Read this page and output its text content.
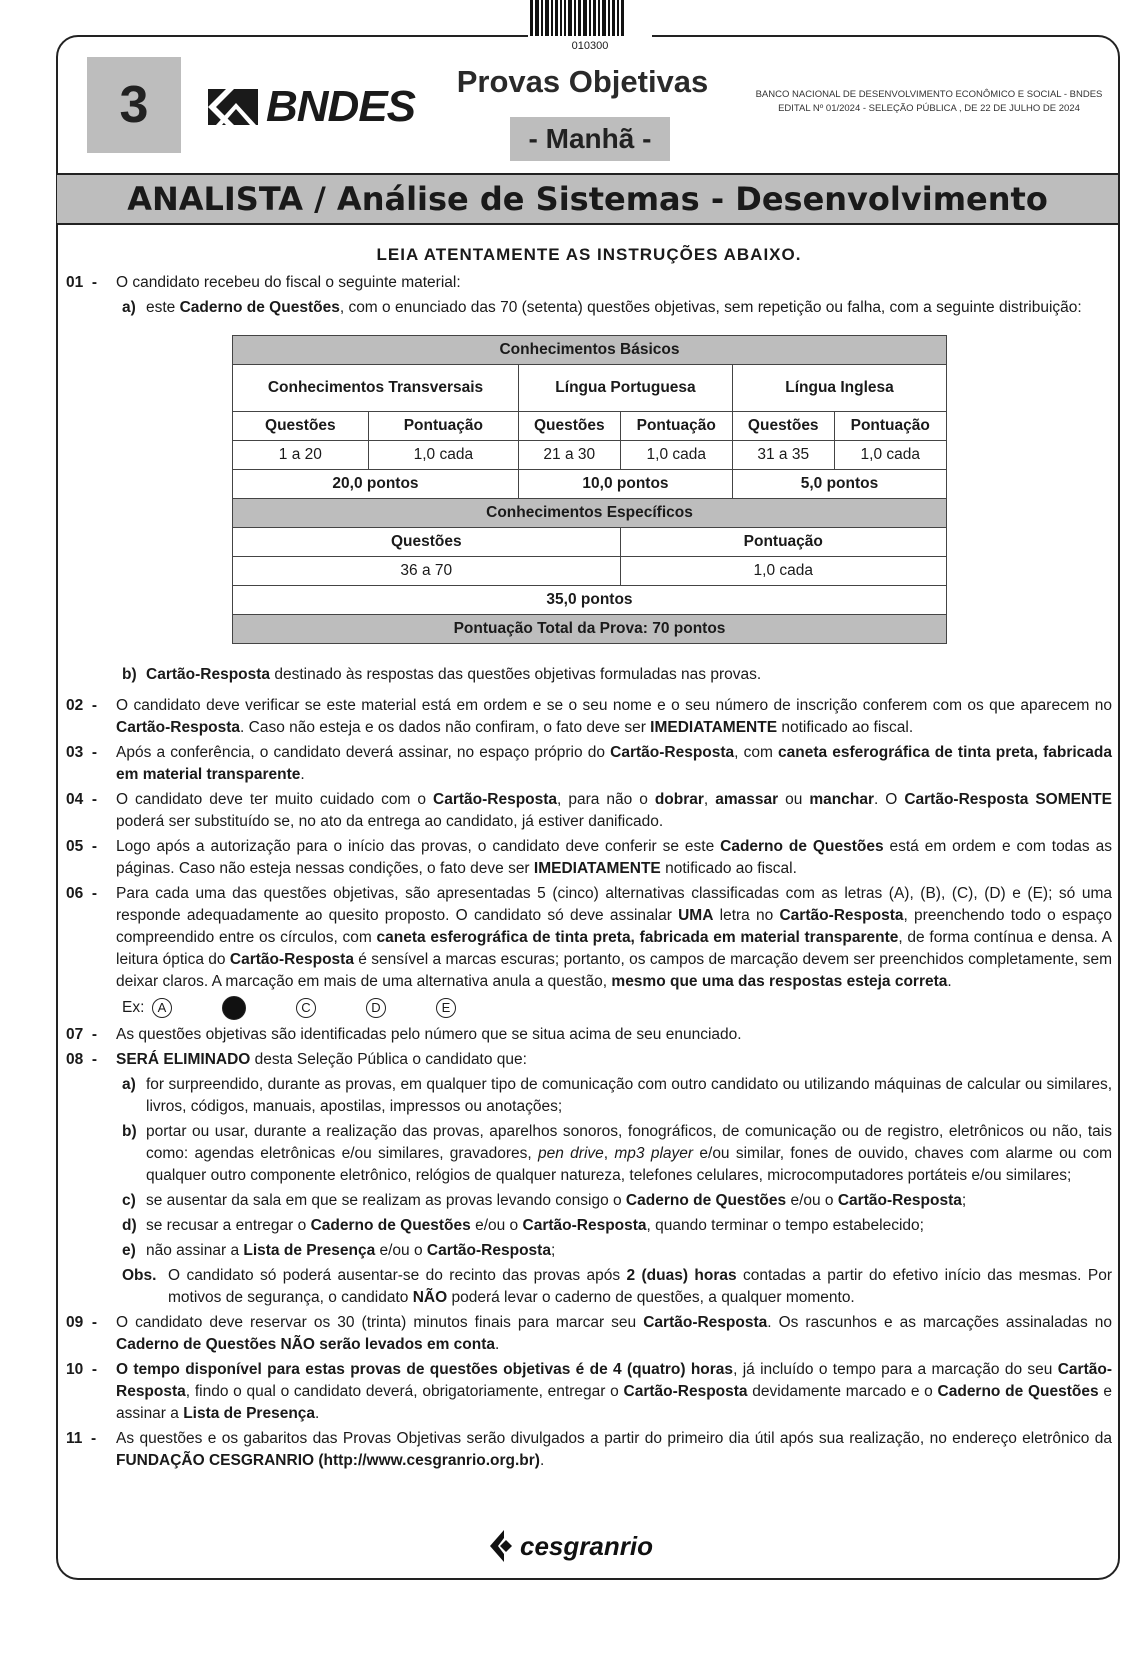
010300
3	BNDES
Provas Objetivas
- Manhã -
BANCO NACIONAL DE DESENVOLVIMENTO ECONÔMICO E SOCIAL - BNDES
EDITAL Nº 01/2024 - SELEÇÃO PÚBLICA , DE 22 DE JULHO DE 2024
ANALISTA / Análise de Sistemas - Desenvolvimento
LEIA ATENTAMENTE AS INSTRUÇÕES ABAIXO.
01  -	O candidato recebeu do fiscal o seguinte material:
a) este Caderno de Questões, com o enunciado das 70 (setenta) questões objetivas, sem repetição ou falha, com a seguinte distribuição:
Conhecimentos Básicos					
Conhecimentos Transversais		Língua Portuguesa		Língua Inglesa	
Questões	Pontuação	Questões	Pontuação	Questões	Pontuação
1 a 20	1,0 cada	21 a 30	1,0 cada	31 a 35	1,0 cada
20,0 pontos		10,0 pontos		5,0 pontos	
Conhecimentos Específicos					
Questões			Pontuação		
36 a 70			1,0 cada		
35,0 pontos					
Pontuação Total da Prova: 70 pontos					
b) Cartão-Resposta destinado às respostas das questões objetivas formuladas nas provas.
02  -	O candidato deve verificar se este material está em ordem e se o seu nome e o seu número de inscrição conferem com os que aparecem no Cartão-Resposta. Caso não esteja e os dados não confiram, o fato deve ser IMEDIATAMENTE notificado ao fiscal.
03  -	Após a conferência, o candidato deverá assinar, no espaço próprio do Cartão-Resposta, com caneta esferográfica de tinta preta, fabricada em material transparente.
04  -	O candidato deve ter muito cuidado com o Cartão-Resposta, para não o dobrar, amassar ou manchar. O Cartão-Resposta SOMENTE poderá ser substituído se, no ato da entrega ao candidato, já estiver danificado.
05  -	Logo após a autorização para o início das provas, o candidato deve conferir se este Caderno de Questões está em ordem e com todas as páginas. Caso não esteja nessas condições, o fato deve ser IMEDIATAMENTE notificado ao fiscal.
06  -	Para cada uma das questões objetivas, são apresentadas 5 (cinco) alternativas classificadas com as letras (A), (B), (C), (D) e (E); só uma responde adequadamente ao quesito proposto. O candidato só deve assinalar UMA letra no Cartão-Resposta, preenchendo todo o espaço compreendido entre os círculos, com caneta esferográfica de tinta preta, fabricada em material transparente, de forma contínua e densa. A leitura óptica do Cartão-Resposta é sensível a marcas escuras; portanto, os campos de marcação devem ser preenchidos completamente, sem deixar claros. A marcação em mais de uma alternativa anula a questão, mesmo que uma das respostas esteja correta.
Ex:	A	C	D	E
07  -	As questões objetivas são identificadas pelo número que se situa acima de seu enunciado.
08  -	SERÁ ELIMINADO desta Seleção Pública o candidato que:
a) for surpreendido, durante as provas, em qualquer tipo de comunicação com outro candidato ou utilizando máquinas de calcular ou similares, livros, códigos, manuais, apostilas, impressos ou anotações;
b) portar ou usar, durante a realização das provas, aparelhos sonoros, fonográficos, de comunicação ou de registro, eletrônicos ou não, tais como: agendas eletrônicas e/ou similares, gravadores, pen drive, mp3 player e/ou similar, fones de ouvido, chaves com alarme ou com qualquer outro componente eletrônico, relógios de qualquer natureza, telefones celulares, microcomputadores portáteis e/ou similares;
c) se ausentar da sala em que se realizam as provas levando consigo o Caderno de Questões e/ou o Cartão-Resposta;
d) se recusar a entregar o Caderno de Questões e/ou o Cartão-Resposta, quando terminar o tempo estabelecido;
e) não assinar a Lista de Presença e/ou o Cartão-Resposta;
Obs. O candidato só poderá ausentar-se do recinto das provas após 2 (duas) horas contadas a partir do efetivo início das mesmas. Por motivos de segurança, o candidato NÃO poderá levar o caderno de questões, a qualquer momento.
09  -	O candidato deve reservar os 30 (trinta) minutos finais para marcar seu Cartão-Resposta. Os rascunhos e as marcações assinaladas no Caderno de Questões NÃO serão levados em conta.
10  -	O tempo disponível para estas provas de questões objetivas é de 4 (quatro) horas, já incluído o tempo para a marcação do seu Cartão-Resposta, findo o qual o candidato deverá, obrigatoriamente, entregar o Cartão-Resposta devidamente marcado e o Caderno de Questões e assinar a Lista de Presença.
11  -	As questões e os gabaritos das Provas Objetivas serão divulgados a partir do primeiro dia útil após sua realização, no endereço eletrônico da FUNDAÇÃO CESGRANRIO (http://www.cesgranrio.org.br).
cesgranrio
